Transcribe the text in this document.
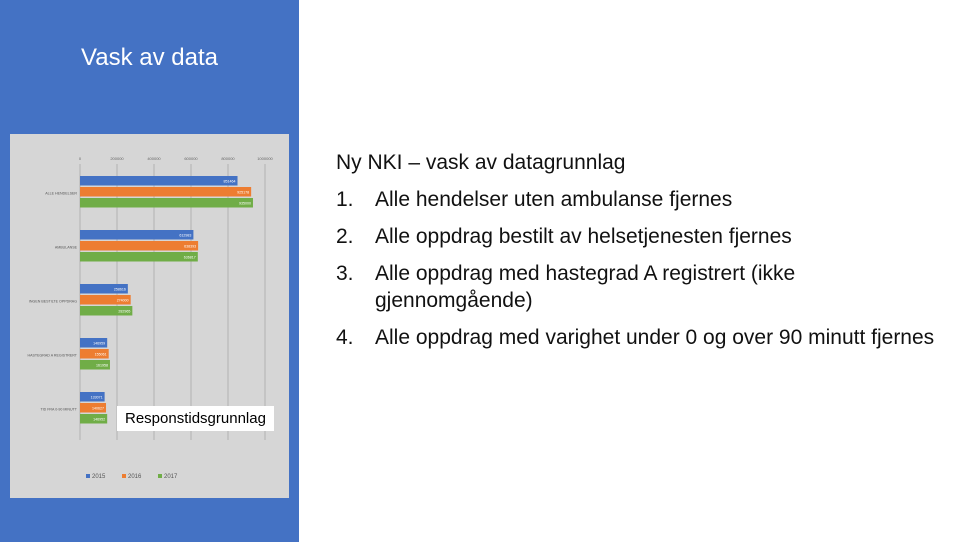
Vask av data
0	200000	400000	600000	800000	1000000
ALLE HENDELSER
851464
925178
935000
AMBULANSE
612983
638393
636817
INGEN BESTILTE OPPDRAG
258616
274000
282965
HASTEGRAD A REGISTRERT
146959
155061
161958
TID FRA 0-90 MINUTT
133071
140627
146952
2015	2016	2017
Responstidsgrunnlag
Ny NKI – vask av datagrunnlag
1. Alle hendelser uten ambulanse fjernes
2. Alle oppdrag bestilt av helsetjenesten fjernes
3. Alle oppdrag med hastegrad A registrert (ikke gjennomgående)
4. Alle oppdrag med varighet under 0 og over 90 minutt fjernes
